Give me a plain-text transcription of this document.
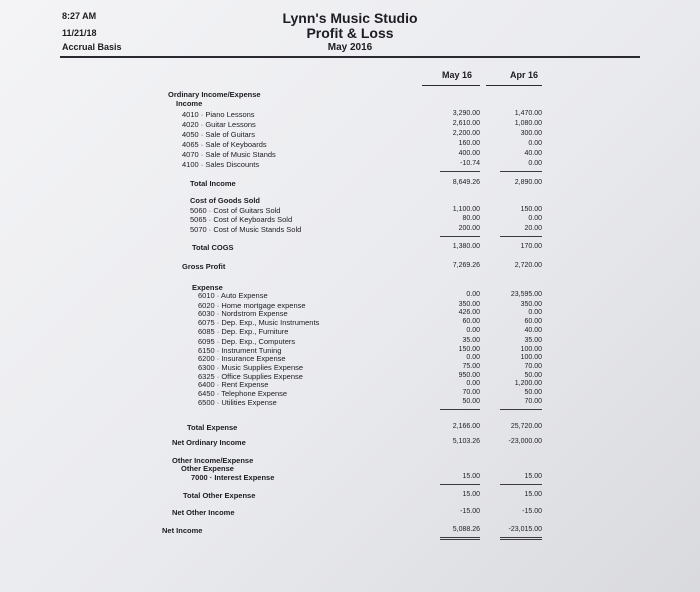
8:27 AM
11/21/18
Accrual Basis
Lynn's Music Studio
Profit & Loss
May 2016
May 16	Apr 16
Ordinary Income/Expense
Income
4010 · Piano Lessons	3,290.00	1,470.00
4020 · Guitar Lessons	2,610.00	1,080.00
4050 · Sale of Guitars	2,200.00	300.00
4065 · Sale of Keyboards	160.00	0.00
4070 · Sale of Music Stands	400.00	40.00
4100 · Sales Discounts	-10.74	0.00
Total Income	8,649.26	2,890.00
Cost of Goods Sold
5060 · Cost of Guitars Sold	1,100.00	150.00
5065 · Cost of Keyboards Sold	80.00	0.00
5070 · Cost of Music Stands Sold	200.00	20.00
Total COGS	1,380.00	170.00
Gross Profit	7,269.26	2,720.00
Expense
6010 · Auto Expense	0.00	23,595.00
6020 · Home mortgage expense	350.00	350.00
6030 · Nordstrom Expense	426.00	0.00
6075 · Dep. Exp., Music Instruments	60.00	60.00
6085 · Dep. Exp., Furniture	0.00	40.00
6095 · Dep. Exp., Computers	35.00	35.00
6150 · Instrument Tuning	150.00	100.00
6200 · Insurance Expense	0.00	100.00
6300 · Music Supplies Expense	75.00	70.00
6325 · Office Supplies Expense	950.00	50.00
6400 · Rent Expense	0.00	1,200.00
6450 · Telephone Expense	70.00	50.00
6500 · Utilities Expense	50.00	70.00
Total Expense	2,166.00	25,720.00
Net Ordinary Income	5,103.26	-23,000.00
Other Income/Expense
Other Expense
7000 · Interest Expense	15.00	15.00
Total Other Expense	15.00	15.00
Net Other Income	-15.00	-15.00
Net Income	5,088.26	-23,015.00
